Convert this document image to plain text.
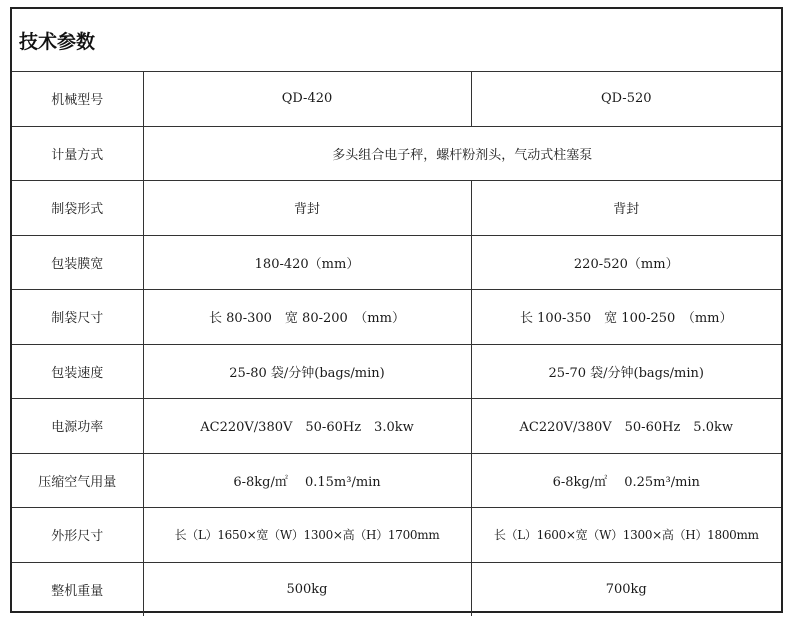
技术参数
机械型号	QD-420	QD-520
计量方式	多头组合电子秤，螺杆粉剂头，气动式柱塞泵	
制袋形式	背封	背封
包装膜宽	180-420（mm）	220-520（mm）
制袋尺寸	长 80-300　宽 80-200　（mm）	长 100-350　宽 100-250　（mm）
包装速度	25-80 袋/分钟(bags/min)	25-70 袋/分钟(bags/min)
电源功率	AC220V/380V　50-60Hz　3.0kw	AC220V/380V　50-60Hz　5.0kw
压缩空气用量	6-8kg/㎡　 0.15m³/min	6-8kg/㎡　 0.25m³/min
外形尺寸	长（L）1650×宽（W）1300×高（H）1700mm	长（L）1600×宽（W）1300×高（H）1800mm
整机重量	500kg	700kg
